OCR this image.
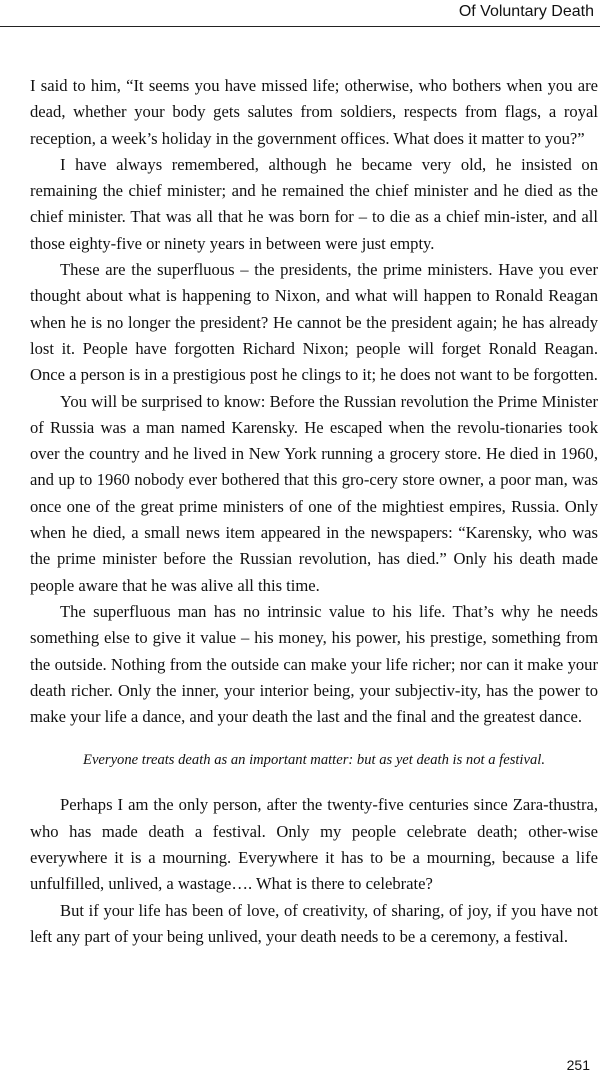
Of Voluntary Death

I said to him, “It seems you have missed life; otherwise, who bothers when you are dead, whether your body gets salutes from soldiers, respects from flags, a royal reception, a week’s holiday in the government offices. What does it matter to you?”

I have always remembered, although he became very old, he insisted on remaining the chief minister; and he remained the chief minister and he died as the chief minister. That was all that he was born for – to die as a chief min-ister, and all those eighty-five or ninety years in between were just empty.

These are the superfluous – the presidents, the prime ministers. Have you ever thought about what is happening to Nixon, and what will happen to Ronald Reagan when he is no longer the president? He cannot be the president again; he has already lost it. People have forgotten Richard Nixon; people will forget Ronald Reagan. Once a person is in a prestigious post he clings to it; he does not want to be forgotten.

You will be surprised to know: Before the Russian revolution the Prime Minister of Russia was a man named Karensky. He escaped when the revolu-tionaries took over the country and he lived in New York running a grocery store. He died in 1960, and up to 1960 nobody ever bothered that this gro-cery store owner, a poor man, was once one of the great prime ministers of one of the mightiest empires, Russia. Only when he died, a small news item appeared in the newspapers: “Karensky, who was the prime minister before the Russian revolution, has died.” Only his death made people aware that he was alive all this time.

The superfluous man has no intrinsic value to his life. That’s why he needs something else to give it value – his money, his power, his prestige, something from the outside. Nothing from the outside can make your life richer; nor can it make your death richer. Only the inner, your interior being, your subjectiv-ity, has the power to make your life a dance, and your death the last and the final and the greatest dance.

Everyone treats death as an important matter: but as yet death is not a festival.

Perhaps I am the only person, after the twenty-five centuries since Zara-thustra, who has made death a festival. Only my people celebrate death; other-wise everywhere it is a mourning. Everywhere it has to be a mourning, because a life unfulfilled, unlived, a wastage…. What is there to celebrate?

But if your life has been of love, of creativity, of sharing, of joy, if you have not left any part of your being unlived, your death needs to be a ceremony, a festival.

251
